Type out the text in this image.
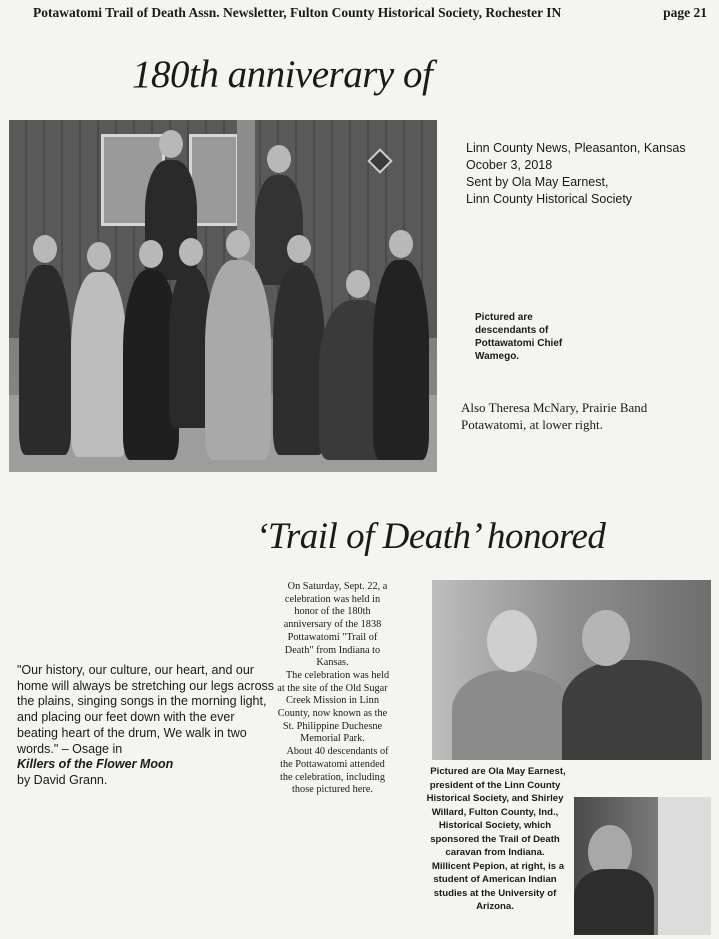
Potawatomi Trail of Death Assn. Newsletter, Fulton County Historical Society, Rochester IN	page 21
180th anniverary of
Linn County News, Pleasanton, Kansas
Ocober 3, 2018
Sent by Ola May Earnest,
Linn County Historical Society
Pictured are descendants of Pottawatomi Chief Wamego.
Also Theresa McNary, Prairie Band Potawatomi, at lower right.
‘Trail of Death’ honored
"Our history, our culture, our heart, and our home will always be stretching our legs across the plains, singing songs in the morning light, and placing our feet down with the ever beating heart of the drum, We walk in two words." – Osage in
Killers of the Flower Moon
by David Grann.

On Saturday, Sept. 22, a celebration was held in honor of the 180th anniversary of the 1838 Pottawatomi "Trail of Death" from Indiana to Kansas.

The celebration was held at the site of the Old Sugar Creek Mission in Linn County, now known as the St. Philippine Duchesne Memorial Park.

About 40 descendants of the Pottawatomi attended the celebration, including those pictured here.

Pictured are Ola May Earnest, president of the Linn County Historical Society, and Shirley Willard, Fulton County, Ind., Historical Society, which sponsored the Trail of Death caravan from Indiana.

Millicent Pepion, at right, is a student of American Indian studies at the University of Arizona.
